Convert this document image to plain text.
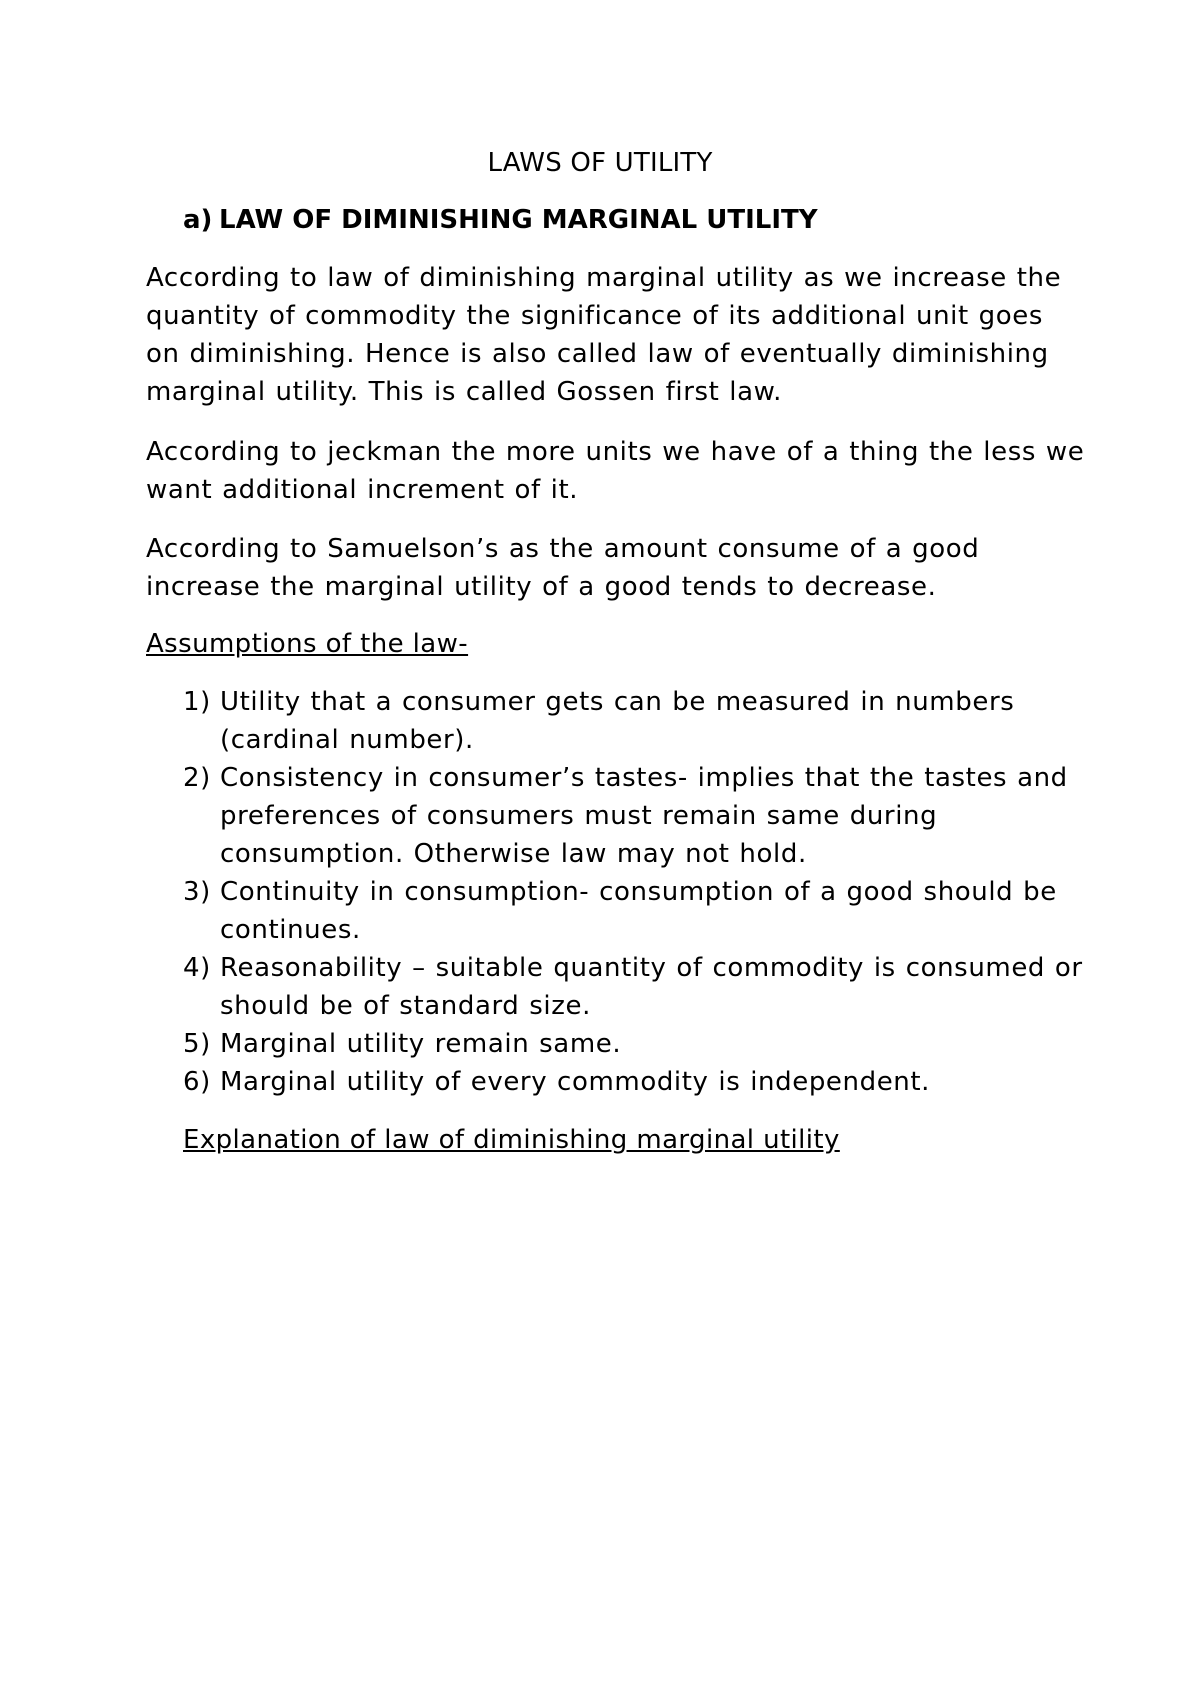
LAWS OF UTILITY
a) LAW OF DIMINISHING MARGINAL UTILITY

According to law of diminishing marginal utility as we increase the quantity of commodity the significance of its additional unit goes on diminishing. Hence is also called law of eventually diminishing marginal utility. This is called Gossen first law.

According to jeckman the more units we have of a thing the less we want additional increment of it.

According to Samuelson’s as the amount consume of a good increase the marginal utility of a good tends to decrease.

Assumptions of the law-

1) Utility that a consumer gets can be measured in numbers (cardinal number).
2) Consistency in consumer’s tastes- implies that the tastes and preferences of consumers must remain same during consumption. Otherwise law may not hold.
3) Continuity in consumption- consumption of a good should be continues.
4) Reasonability – suitable quantity of commodity is consumed or should be of standard size.
5) Marginal utility remain same.
6) Marginal utility of every commodity is independent.

Explanation of law of diminishing marginal utility
